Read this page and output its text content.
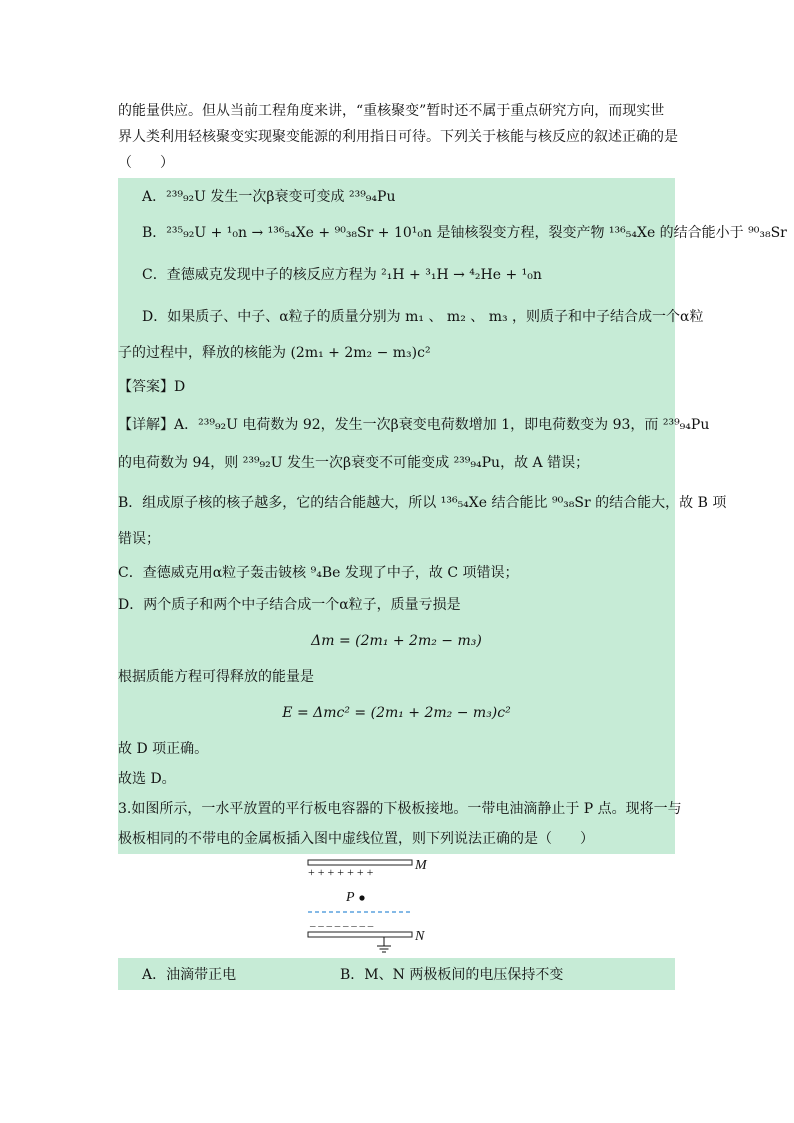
的能量供应。但从当前工程角度来讲，“重核聚变”暂时还不属于重点研究方向，而现实世
界人类利用轻核聚变实现聚变能源的利用指日可待。下列关于核能与核反应的叙述正确的是
（　　）
A．²³⁹₉₂U 发生一次β衰变可变成 ²³⁹₉₄Pu
B．²³⁵₉₂U + ¹₀n → ¹³⁶₅₄Xe + ⁹⁰₃₈Sr + 10¹₀n 是铀核裂变方程，裂变产物 ¹³⁶₅₄Xe 的结合能小于 ⁹⁰₃₈Sr
C．查德威克发现中子的核反应方程为 ²₁H + ³₁H → ⁴₂He + ¹₀n
D．如果质子、中子、α粒子的质量分别为 m₁ 、 m₂ 、 m₃ ，则质子和中子结合成一个α粒
子的过程中，释放的核能为 (2m₁ + 2m₂ − m₃)c²
【答案】D
【详解】A．²³⁹₉₂U 电荷数为 92，发生一次β衰变电荷数增加 1，即电荷数变为 93，而 ²³⁹₉₄Pu
的电荷数为 94，则 ²³⁹₉₂U 发生一次β衰变不可能变成 ²³⁹₉₄Pu，故 A 错误；
B．组成原子核的核子越多，它的结合能越大，所以 ¹³⁶₅₄Xe 结合能比 ⁹⁰₃₈Sr 的结合能大，故 B 项
错误；
C．查德威克用α粒子轰击铍核 ⁹₄Be 发现了中子，故 C 项错误；
D．两个质子和两个中子结合成一个α粒子，质量亏损是
Δm = (2m₁ + 2m₂ − m₃)
根据质能方程可得释放的能量是
E = Δmc² = (2m₁ + 2m₂ − m₃)c²
故 D 项正确。
故选 D。
3.如图所示，一水平放置的平行板电容器的下极板接地。一带电油滴静止于 P 点。现将一与
极板相同的不带电的金属板插入图中虚线位置，则下列说法正确的是（　　）
+ + + + + + +	M
P
– – – – – – – –
N
A．油滴带正电	B．M、N 两极板间的电压保持不变
